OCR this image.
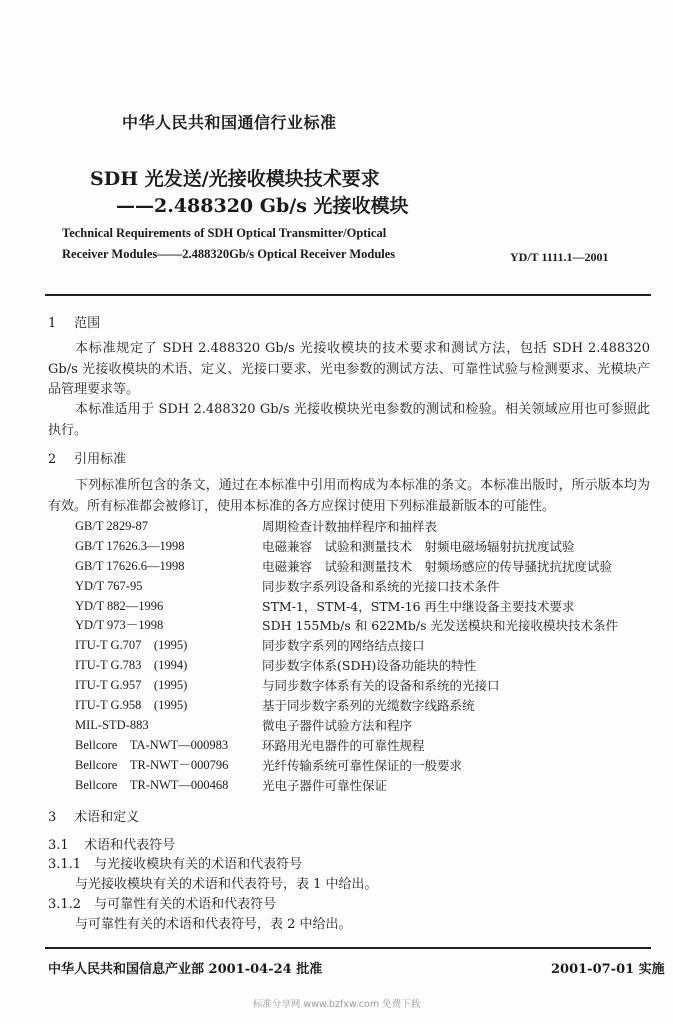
中华人民共和国通信行业标准
SDH 光发送/光接收模块技术要求
——2.488320 Gb/s 光接收模块
Technical Requirements of SDH Optical Transmitter/Optical
Receiver Modules——2.488320Gb/s Optical Receiver Modules	YD/T 1111.1—2001
1 范围
本标准规定了 SDH 2.488320 Gb/s 光接收模块的技术要求和测试方法，包括 SDH 2.488320 Gb/s 光接收模块的术语、定义、光接口要求、光电参数的测试方法、可靠性试验与检测要求、光模块产品管理要求等。
本标准适用于 SDH 2.488320 Gb/s 光接收模块光电参数的测试和检验。相关领域应用也可参照此执行。
2 引用标准
下列标准所包含的条文，通过在本标准中引用而构成为本标准的条文。本标准出版时，所示版本均为有效。所有标准都会被修订，使用本标准的各方应探讨使用下列标准最新版本的可能性。
GB/T 2829-87	周期检查计数抽样程序和抽样表
GB/T 17626.3—1998	电磁兼容　试验和测量技术　射频电磁场辐射抗扰度试验
GB/T 17626.6—1998	电磁兼容　试验和测量技术　射频场感应的传导骚扰抗扰度试验
YD/T 767-95	同步数字系列设备和系统的光接口技术条件
YD/T 882—1996	STM-1，STM-4，STM-16 再生中继设备主要技术要求
YD/T 973－1998	SDH 155Mb/s 和 622Mb/s 光发送模块和光接收模块技术条件
ITU-T G.707　(1995)	同步数字系列的网络结点接口
ITU-T G.783　(1994)	同步数字体系(SDH)设备功能块的特性
ITU-T G.957　(1995)	与同步数字体系有关的设备和系统的光接口
ITU-T G.958　(1995)	基于同步数字系列的光缆数字线路系统
MIL-STD-883	微电子器件试验方法和程序
Bellcore　TA-NWT—000983	环路用光电器件的可靠性规程
Bellcore　TR-NWT－000796	光纤传输系统可靠性保证的一般要求
Bellcore　TR-NWT—000468	光电子器件可靠性保证
3 术语和定义
3.1 术语和代表符号
3.1.1 与光接收模块有关的术语和代表符号
与光接收模块有关的术语和代表符号，表 1 中给出。
3.1.2 与可靠性有关的术语和代表符号
与可靠性有关的术语和代表符号，表 2 中给出。
中华人民共和国信息产业部 2001-04-24 批准	2001-07-01 实施
标准分享网 www.bzfxw.com 免费下载
